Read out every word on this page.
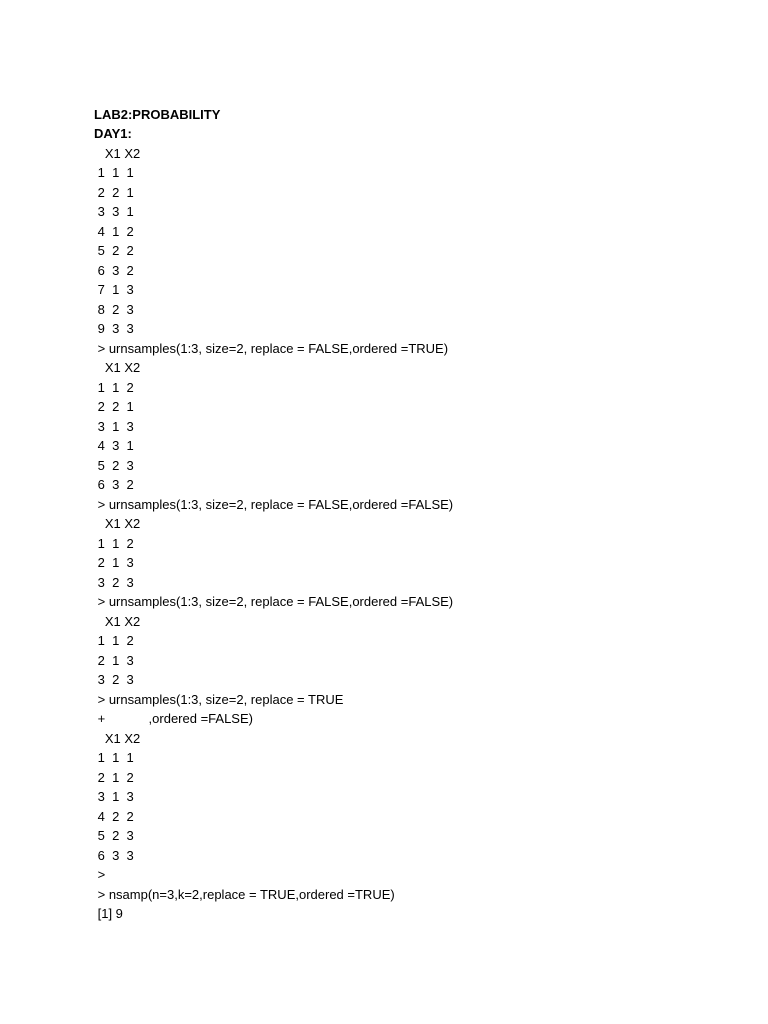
LAB2:PROBABILITY
DAY1:
X1 X2
1  1  1
2  2  1
3  3  1
4  1  2
5  2  2
6  3  2
7  1  3
8  2  3
9  3  3
> urnsamples(1:3, size=2, replace = FALSE,ordered =TRUE)
X1 X2
1  1  2
2  2  1
3  1  3
4  3  1
5  2  3
6  3  2
> urnsamples(1:3, size=2, replace = FALSE,ordered =FALSE)
X1 X2
1  1  2
2  1  3
3  2  3
> urnsamples(1:3, size=2, replace = FALSE,ordered =FALSE)
X1 X2
1  1  2
2  1  3
3  2  3
> urnsamples(1:3, size=2, replace = TRUE
+            ,ordered =FALSE)
X1 X2
1  1  1
2  1  2
3  1  3
4  2  2
5  2  3
6  3  3
>
> nsamp(n=3,k=2,replace = TRUE,ordered =TRUE)
[1] 9
